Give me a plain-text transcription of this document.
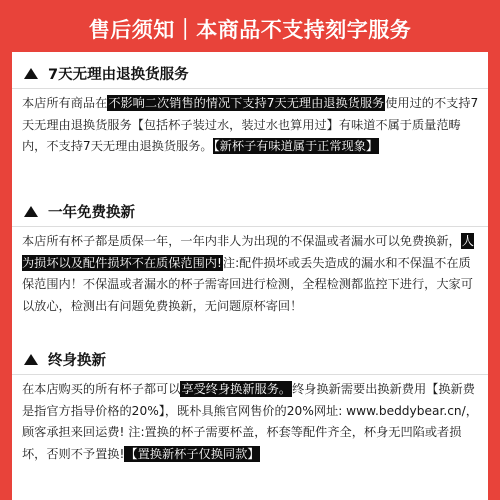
售后须知｜本商品不支持刻字服务
7天无理由退换货服务
本店所有商品在不影响二次销售的情况下支持7天无理由退换货服务使用过的不支持7天无理由退换货服务【包括杯子装过水，装过水也算用过】有味道不属于质量范畴内，不支持7天无理由退换货服务。【新杯子有味道属于正常现象】
一年免费换新
本店所有杯子都是质保一年，一年内非人为出现的不保温或者漏水可以免费换新，人为损坏以及配件损坏不在质保范围内!注:配件损坏或丢失造成的漏水和不保温不在质保范围内！不保温或者漏水的杯子需寄回进行检测，全程检测都监控下进行，大家可以放心，检测出有问题免费换新，无问题原杯寄回！
终身换新
在本店购买的所有杯子都可以享受终身换新服务。终身换新需要出换新费用【换新费是指官方指导价格的20%】，既朴具熊官网售价的20%网址: www.beddybear.cn/，顾客承担来回运费! 注:置换的杯子需要杯盖，杯套等配件齐全，杯身无凹陷或者损坏，否则不予置换!【置换新杯子仅换同款】
